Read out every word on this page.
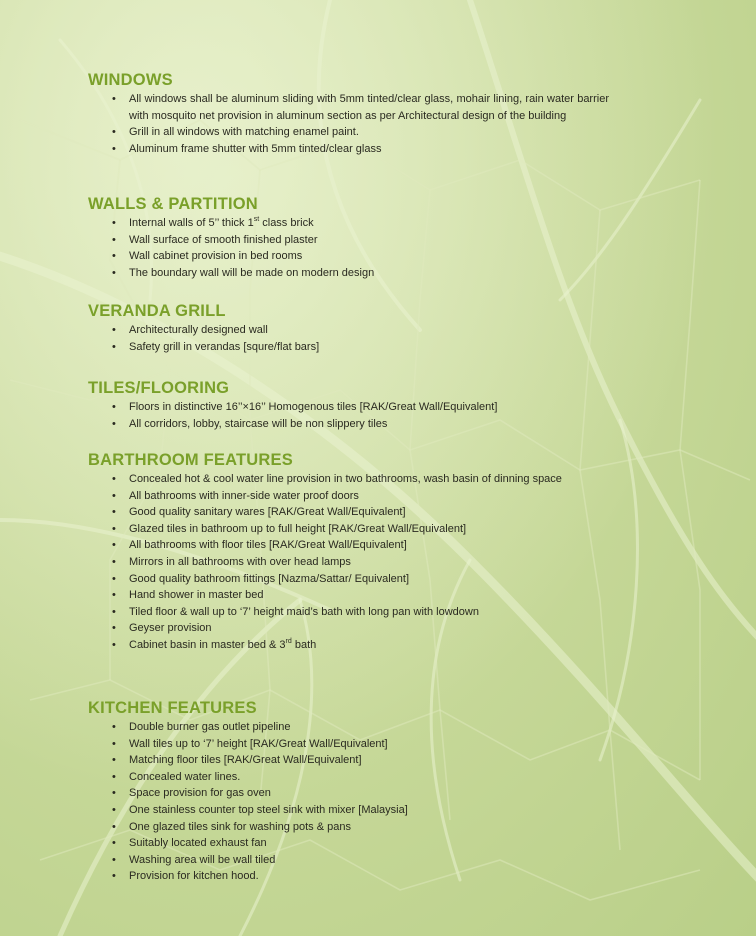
WINDOWS
• All windows shall be aluminum sliding with 5mm tinted/clear glass, mohair lining, rain water barrier with mosquito net provision in aluminum section as per Architectural design of the building
• Grill in all windows with matching enamel paint.
• Aluminum frame shutter with 5mm tinted/clear glass
WALLS & PARTITION
• Internal walls of 5’’ thick 1st class brick
• Wall surface of smooth finished plaster
• Wall cabinet provision in bed rooms
• The boundary wall will be made on modern design
VERANDA GRILL
• Architecturally designed wall
• Safety grill in verandas [squre/flat bars]
TILES/FLOORING
• Floors in distinctive 16’’×16’’ Homogenous tiles [RAK/Great Wall/Equivalent]
• All corridors, lobby, staircase will be non slippery tiles
BARTHROOM FEATURES
• Concealed hot & cool water line provision in two bathrooms, wash basin of dinning space
• All bathrooms with inner-side water proof doors
• Good quality sanitary wares [RAK/Great Wall/Equivalent]
• Glazed tiles in bathroom up to full height [RAK/Great Wall/Equivalent]
• All bathrooms with floor tiles [RAK/Great Wall/Equivalent]
• Mirrors in all bathrooms with over head lamps
• Good quality bathroom fittings [Nazma/Sattar/ Equivalent]
• Hand shower in master bed
• Tiled floor & wall up to ‘7’ height maid’s bath with long pan with lowdown
• Geyser provision
• Cabinet basin in master bed & 3rd bath
KITCHEN FEATURES
• Double burner gas outlet pipeline
• Wall tiles up to ‘7’ height [RAK/Great Wall/Equivalent]
• Matching floor tiles [RAK/Great Wall/Equivalent]
• Concealed water lines.
• Space provision for gas oven
• One stainless counter top steel sink with mixer [Malaysia]
• One glazed tiles sink for washing pots & pans
• Suitably located exhaust fan
• Washing area will be wall tiled
• Provision for kitchen hood.
